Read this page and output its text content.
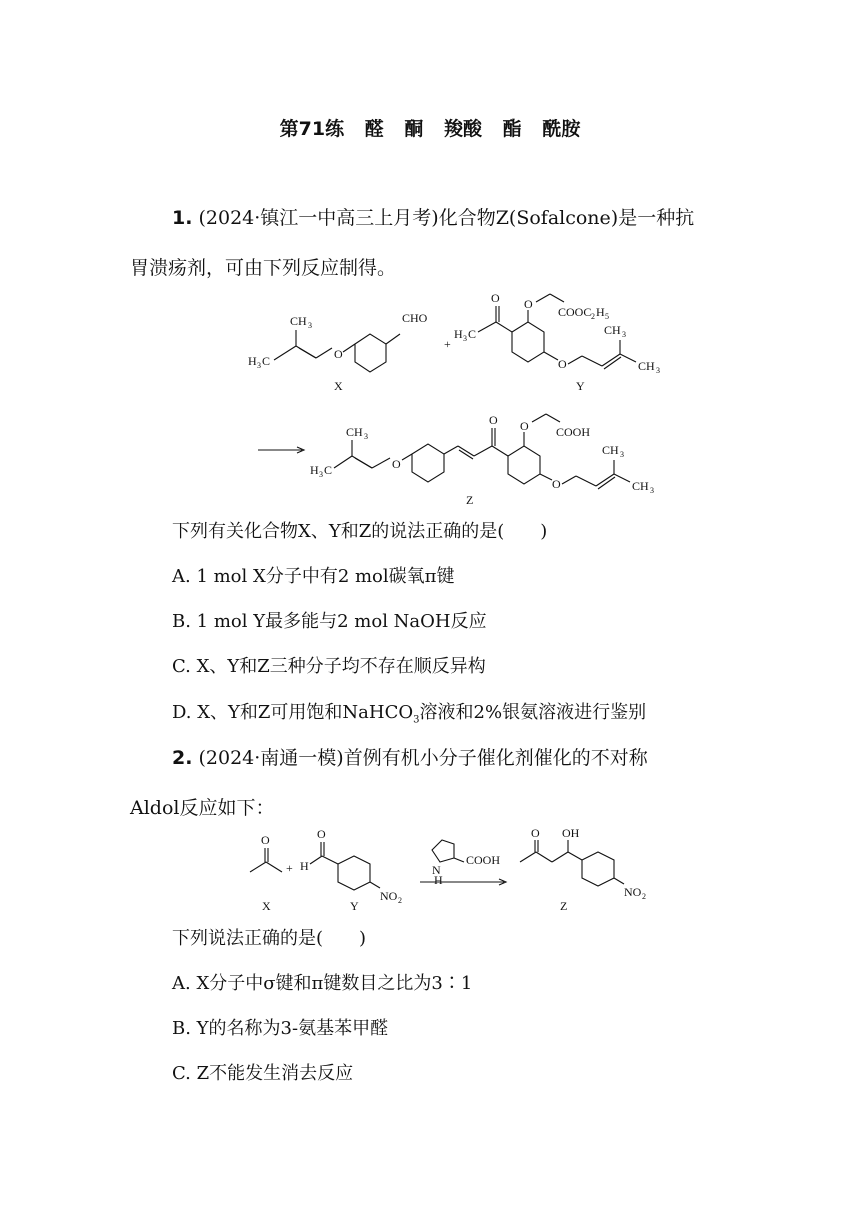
第71练 醛 酮 羧酸 酯 酰胺
1. (2024·镇江一中高三上月考)化合物Z(Sofalcone)是一种抗
胃溃疡剂，可由下列反应制得。
CH 3
H 3 C	O
CHO
X
+
H 3 C
O O
COOC 2 H 5
O
CH 3
CH 3
Y
CH 3
H 3 C	O
O O COOH
O
CH 3
CH 3
Z
下列有关化合物X、Y和Z的说法正确的是(　　)
A. 1 mol X分子中有2 mol碳氧π键
B. 1 mol Y最多能与2 mol NaOH反应
C. X、Y和Z三种分子均不存在顺反异构
D. X、Y和Z可用饱和NaHCO$_3$溶液和2%银氨溶液进行鉴别
2. (2024·南通一模)首例有机小分子催化剂催化的不对称
Aldol反应如下：
O
X
+ H
O
NO 2
Y
N
H
COOH
O OH
NO 2
Z
下列说法正确的是(　　)
A. X分子中σ键和π键数目之比为3∶1
B. Y的名称为3-氨基苯甲醛
C. Z不能发生消去反应
